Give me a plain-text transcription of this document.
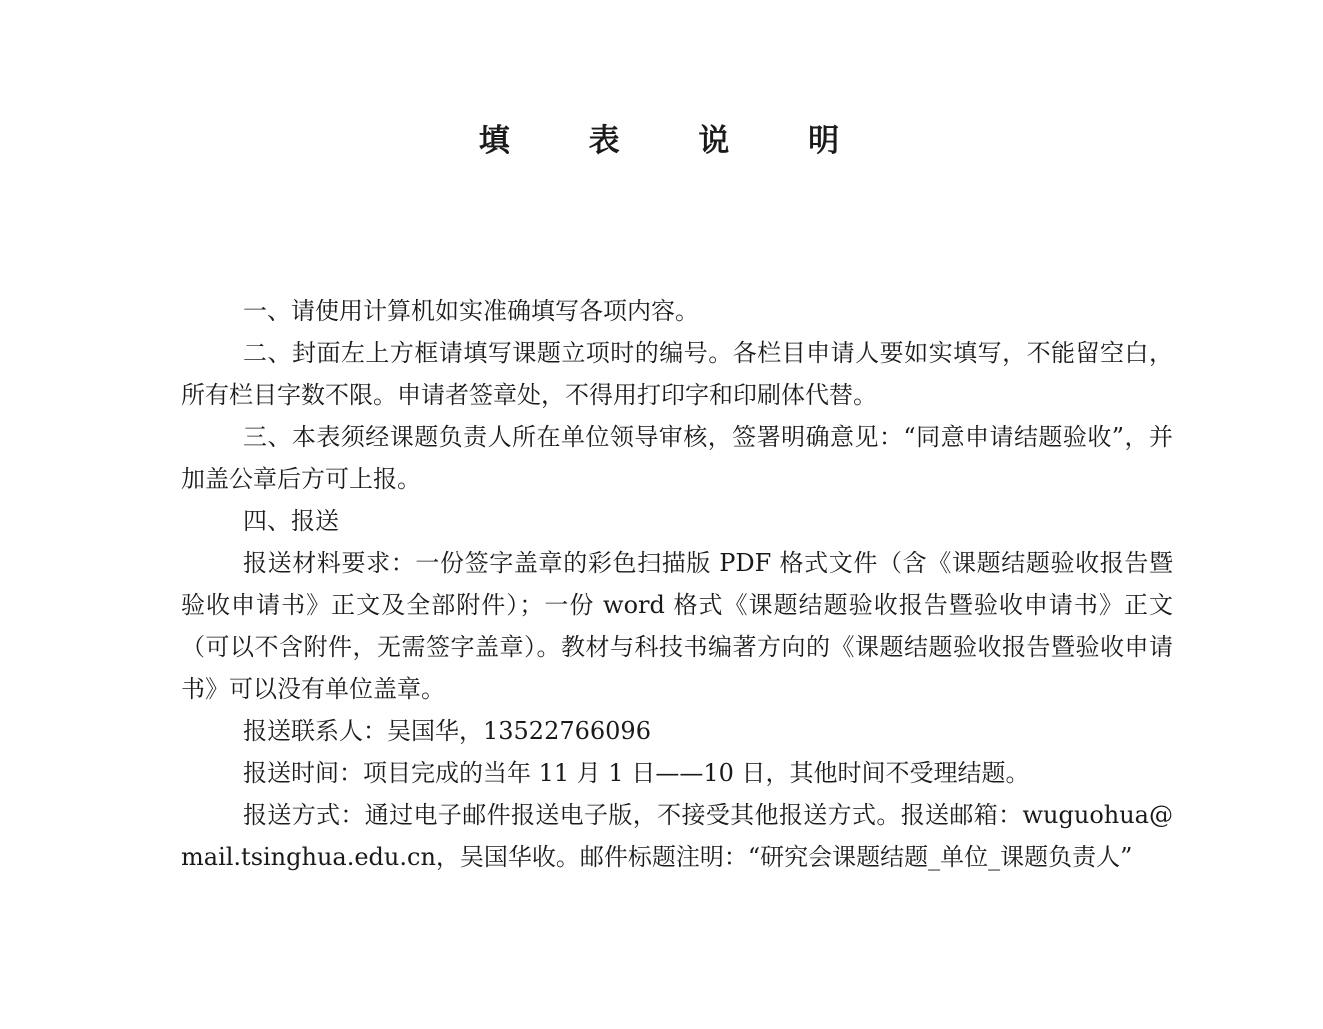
填 表 说 明

一、请使用计算机如实准确填写各项内容。

二、封面左上方框请填写课题立项时的编号。各栏目申请人要如实填写，不能留空白，所有栏目字数不限。申请者签章处，不得用打印字和印刷体代替。

三、本表须经课题负责人所在单位领导审核，签署明确意见：“同意申请结题验收”，并加盖公章后方可上报。

四、报送

报送材料要求：一份签字盖章的彩色扫描版 PDF 格式文件（含《课题结题验收报告暨验收申请书》正文及全部附件）；一份 word 格式《课题结题验收报告暨验收申请书》正文（可以不含附件，无需签字盖章）。教材与科技书编著方向的《课题结题验收报告暨验收申请书》可以没有单位盖章。

报送联系人：吴国华，13522766096

报送时间：项目完成的当年 11 月 1 日——10 日，其他时间不受理结题。

报送方式：通过电子邮件报送电子版，不接受其他报送方式。报送邮箱：wuguohua@mail.tsinghua.edu.cn，吴国华收。邮件标题注明：“研究会课题结题_单位_课题负责人”
